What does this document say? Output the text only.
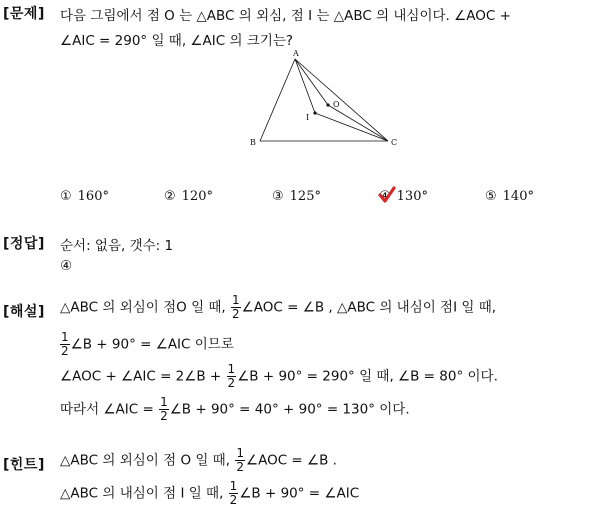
[문제] 다음 그림에서 점 O 는 △ABC 의 외심, 점 I 는 △ABC 의 내심이다. ∠AOC +
∠AIC = 290° 일 때, ∠AIC 의 크기는?
A
B	C
I
O
① 160°	② 120°	③ 125°	④ 130°	⑤ 140°
[정답] 순서: 없음, 갯수: 1
④
[해설] △ABC 의 외심이 점O 일 때, $\frac{1}{2}$ ∠AOC = ∠B , △ABC 의 내심이 점I 일 때,
$\frac{1}{2}$ ∠B + 90° = ∠AIC 이므로
∠AOC + ∠AIC = 2∠B + $\frac{1}{2}$ ∠B + 90° = 290° 일 때, ∠B = 80° 이다.
따라서 ∠AIC = $\frac{1}{2}$ ∠B + 90° = 40° + 90° = 130° 이다.
[힌트] △ABC 의 외심이 점 O 일 때, $\frac{1}{2}$ ∠AOC = ∠B .
△ABC 의 내심이 점 I 일 때, $\frac{1}{2}$ ∠B + 90° = ∠AIC
